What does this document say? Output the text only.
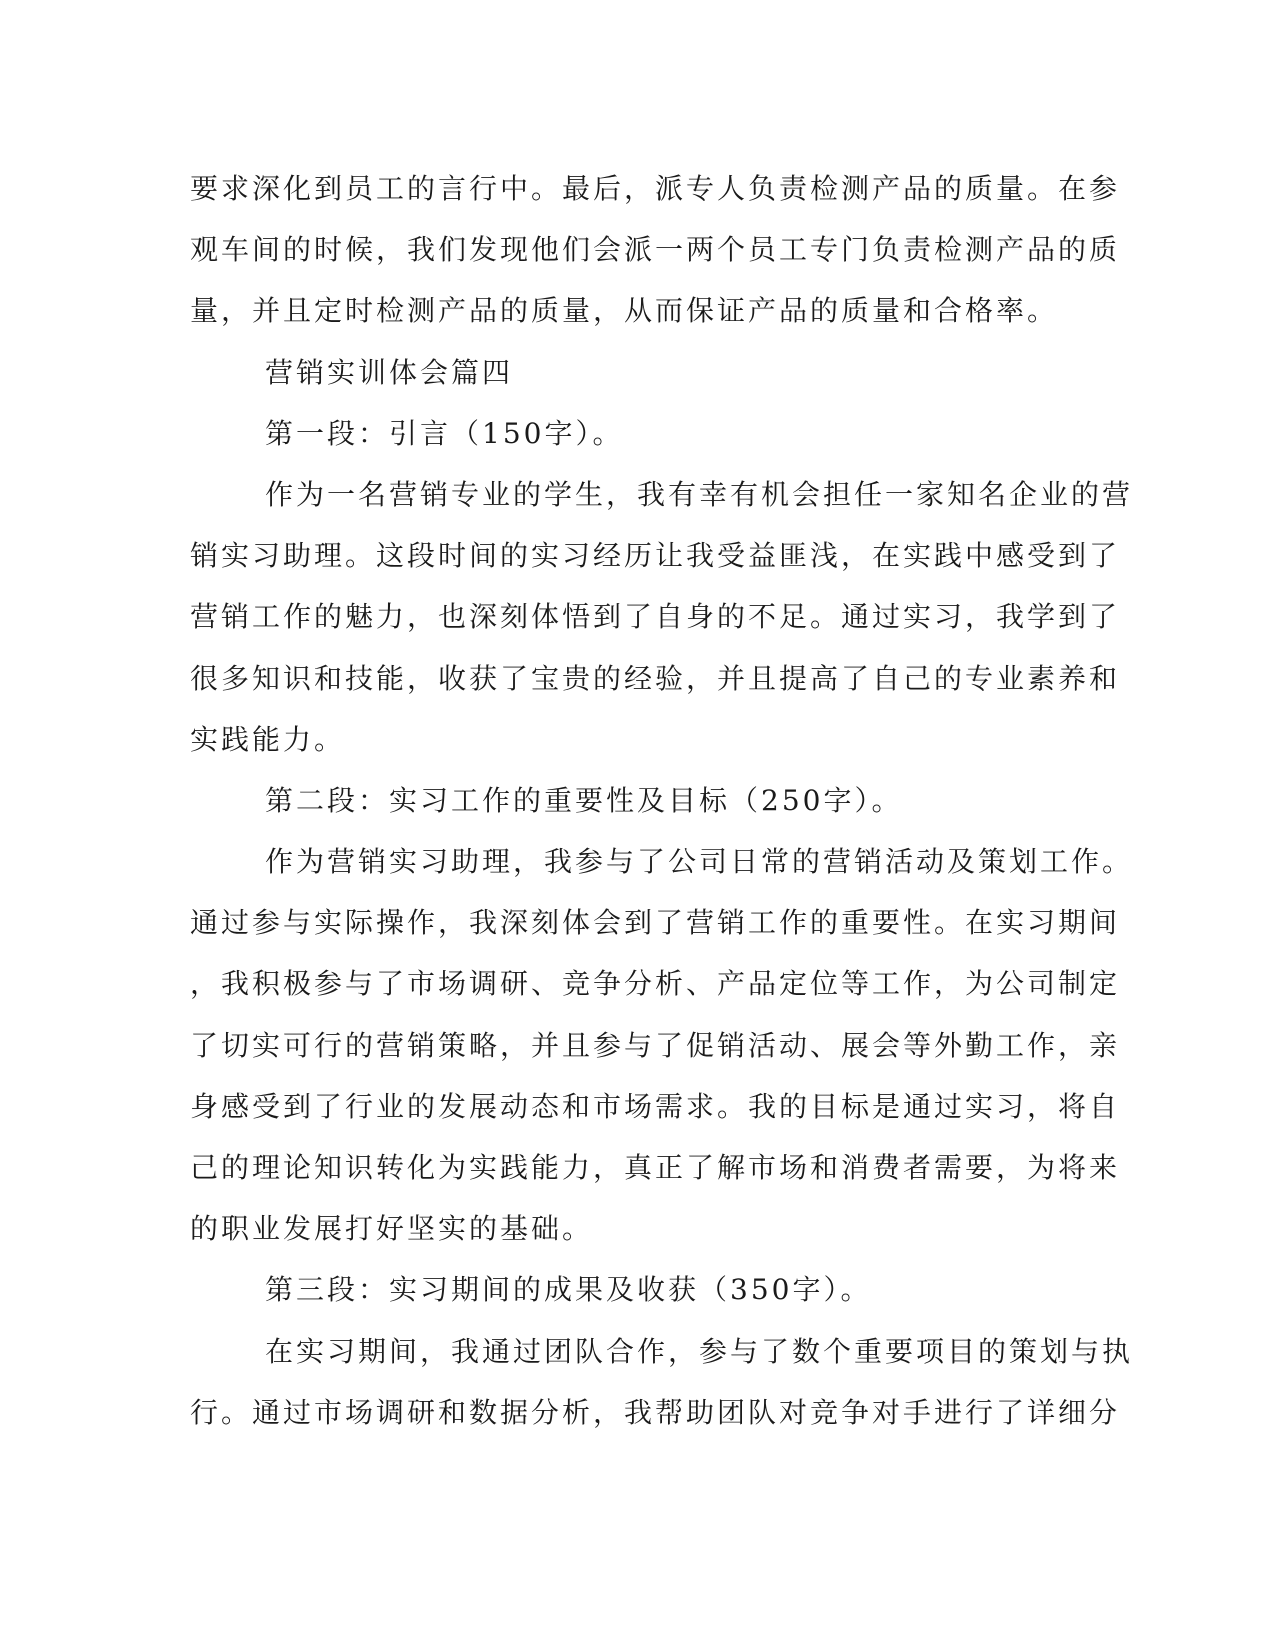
要求深化到员工的言行中。最后，派专人负责检测产品的质量。在参
观车间的时候，我们发现他们会派一两个员工专门负责检测产品的质
量，并且定时检测产品的质量，从而保证产品的质量和合格率。
营销实训体会篇四
第一段：引言（150字）。
作为一名营销专业的学生，我有幸有机会担任一家知名企业的营
销实习助理。这段时间的实习经历让我受益匪浅，在实践中感受到了
营销工作的魅力，也深刻体悟到了自身的不足。通过实习，我学到了
很多知识和技能，收获了宝贵的经验，并且提高了自己的专业素养和
实践能力。
第二段：实习工作的重要性及目标（250字）。
作为营销实习助理，我参与了公司日常的营销活动及策划工作。
通过参与实际操作，我深刻体会到了营销工作的重要性。在实习期间
，我积极参与了市场调研、竞争分析、产品定位等工作，为公司制定
了切实可行的营销策略，并且参与了促销活动、展会等外勤工作，亲
身感受到了行业的发展动态和市场需求。我的目标是通过实习，将自
己的理论知识转化为实践能力，真正了解市场和消费者需要，为将来
的职业发展打好坚实的基础。
第三段：实习期间的成果及收获（350字）。
在实习期间，我通过团队合作，参与了数个重要项目的策划与执
行。通过市场调研和数据分析，我帮助团队对竞争对手进行了详细分
